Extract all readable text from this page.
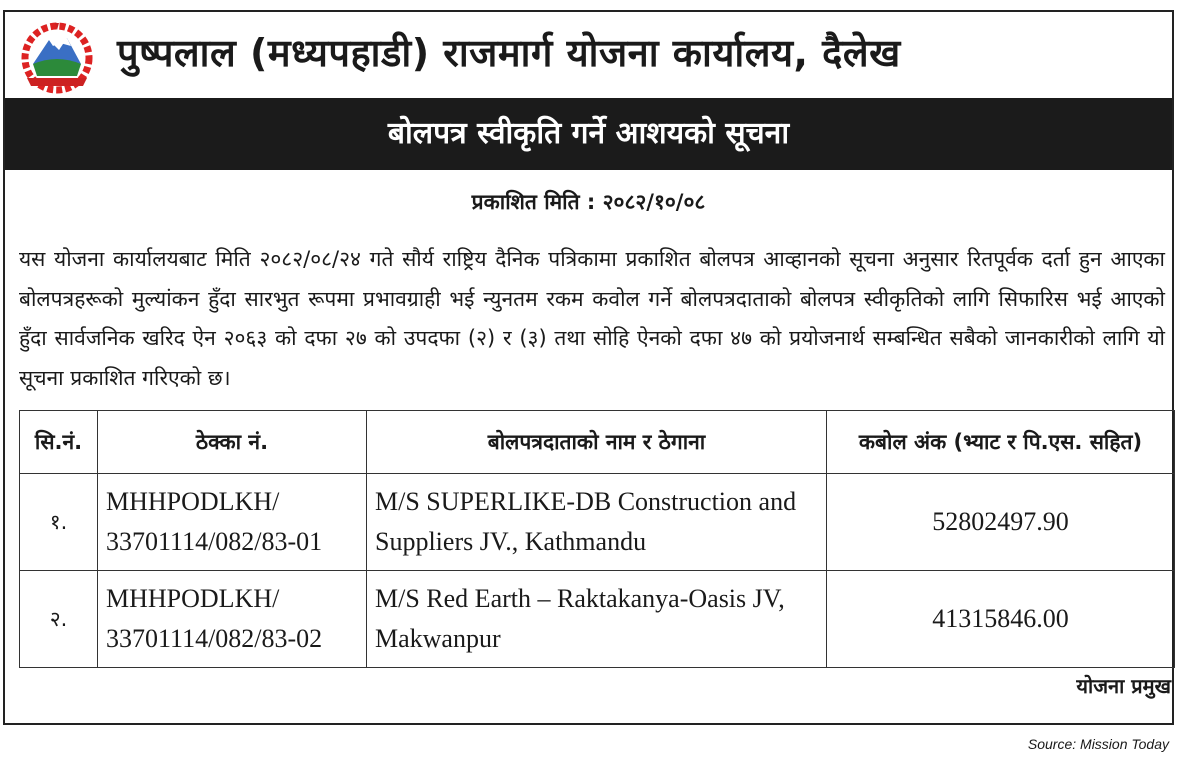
पुष्पलाल (मध्यपहाडी) राजमार्ग योजना कार्यालय, दैलेख
बोलपत्र स्वीकृति गर्ने आशयको सूचना
प्रकाशित मिति : २०८२/१०/०८
यस योजना कार्यालयबाट मिति २०८२/०८/२४ गते सौर्य राष्ट्रिय दैनिक पत्रिकामा प्रकाशित बोलपत्र आव्हानको सूचना अनुसार रितपूर्वक दर्ता हुन आएका बोलपत्रहरूको मुल्यांकन हुँदा सारभुत रूपमा प्रभावग्राही भई न्युनतम रकम कवोल गर्ने बोलपत्रदाताको बोलपत्र स्वीकृतिको लागि सिफारिस भई आएको हुँदा सार्वजनिक खरिद ऐन २०६३ को दफा २७ को उपदफा (२) र (३) तथा सोहि ऐनको दफा ४७ को प्रयोजनार्थ सम्बन्धित सबैको जानकारीको लागि यो सूचना प्रकाशित गरिएको छ।
सि.नं.	ठेक्का नं.	बोलपत्रदाताको नाम र ठेगाना	कबोल अंक (भ्याट र पि.एस. सहित)
१.	MHHPODLKH/ 33701114/082/83-01	M/S SUPERLIKE-DB Construction and Suppliers JV., Kathmandu	52802497.90
२.	MHHPODLKH/ 33701114/082/83-02	M/S Red Earth – Raktakanya-Oasis JV, Makwanpur	41315846.00
योजना प्रमुख
Source: Mission Today
